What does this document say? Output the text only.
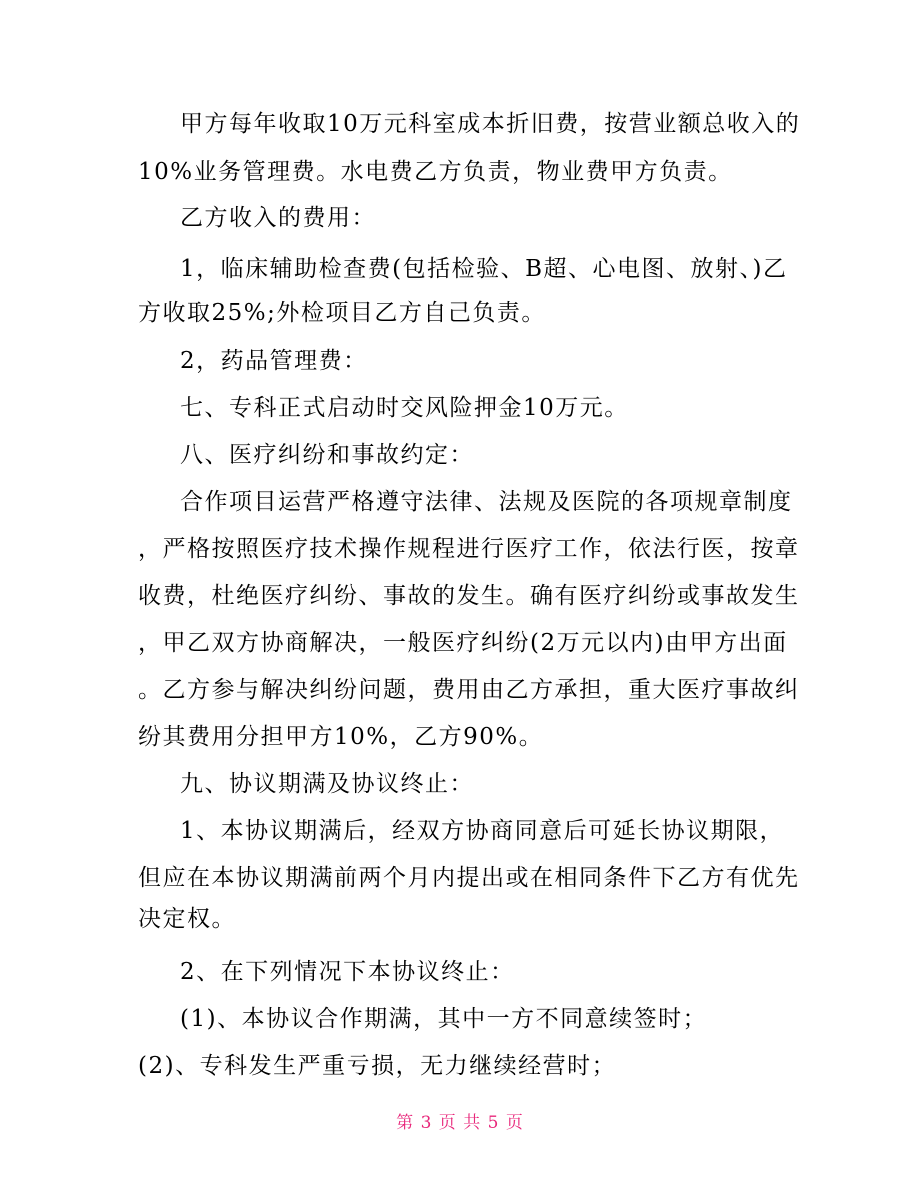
甲方每年收取10万元科室成本折旧费，按营业额总收入的
10%业务管理费。水电费乙方负责，物业费甲方负责。
乙方收入的费用：
1，临床辅助检查费(包括检验、B超、心电图、放射、)乙
方收取25%;外检项目乙方自己负责。
2，药品管理费：
七、专科正式启动时交风险押金10万元。
八、医疗纠纷和事故约定：
合作项目运营严格遵守法律、法规及医院的各项规章制度
，严格按照医疗技术操作规程进行医疗工作，依法行医，按章
收费，杜绝医疗纠纷、事故的发生。确有医疗纠纷或事故发生
，甲乙双方协商解决，一般医疗纠纷(2万元以内)由甲方出面
。乙方参与解决纠纷问题，费用由乙方承担，重大医疗事故纠
纷其费用分担甲方10%，乙方90%。
九、协议期满及协议终止：
1、本协议期满后，经双方协商同意后可延长协议期限，
但应在本协议期满前两个月内提出或在相同条件下乙方有优先
决定权。
2、在下列情况下本协议终止：
(1)、本协议合作期满，其中一方不同意续签时；
(2)、专科发生严重亏损，无力继续经营时；
第 3 页 共 5 页
